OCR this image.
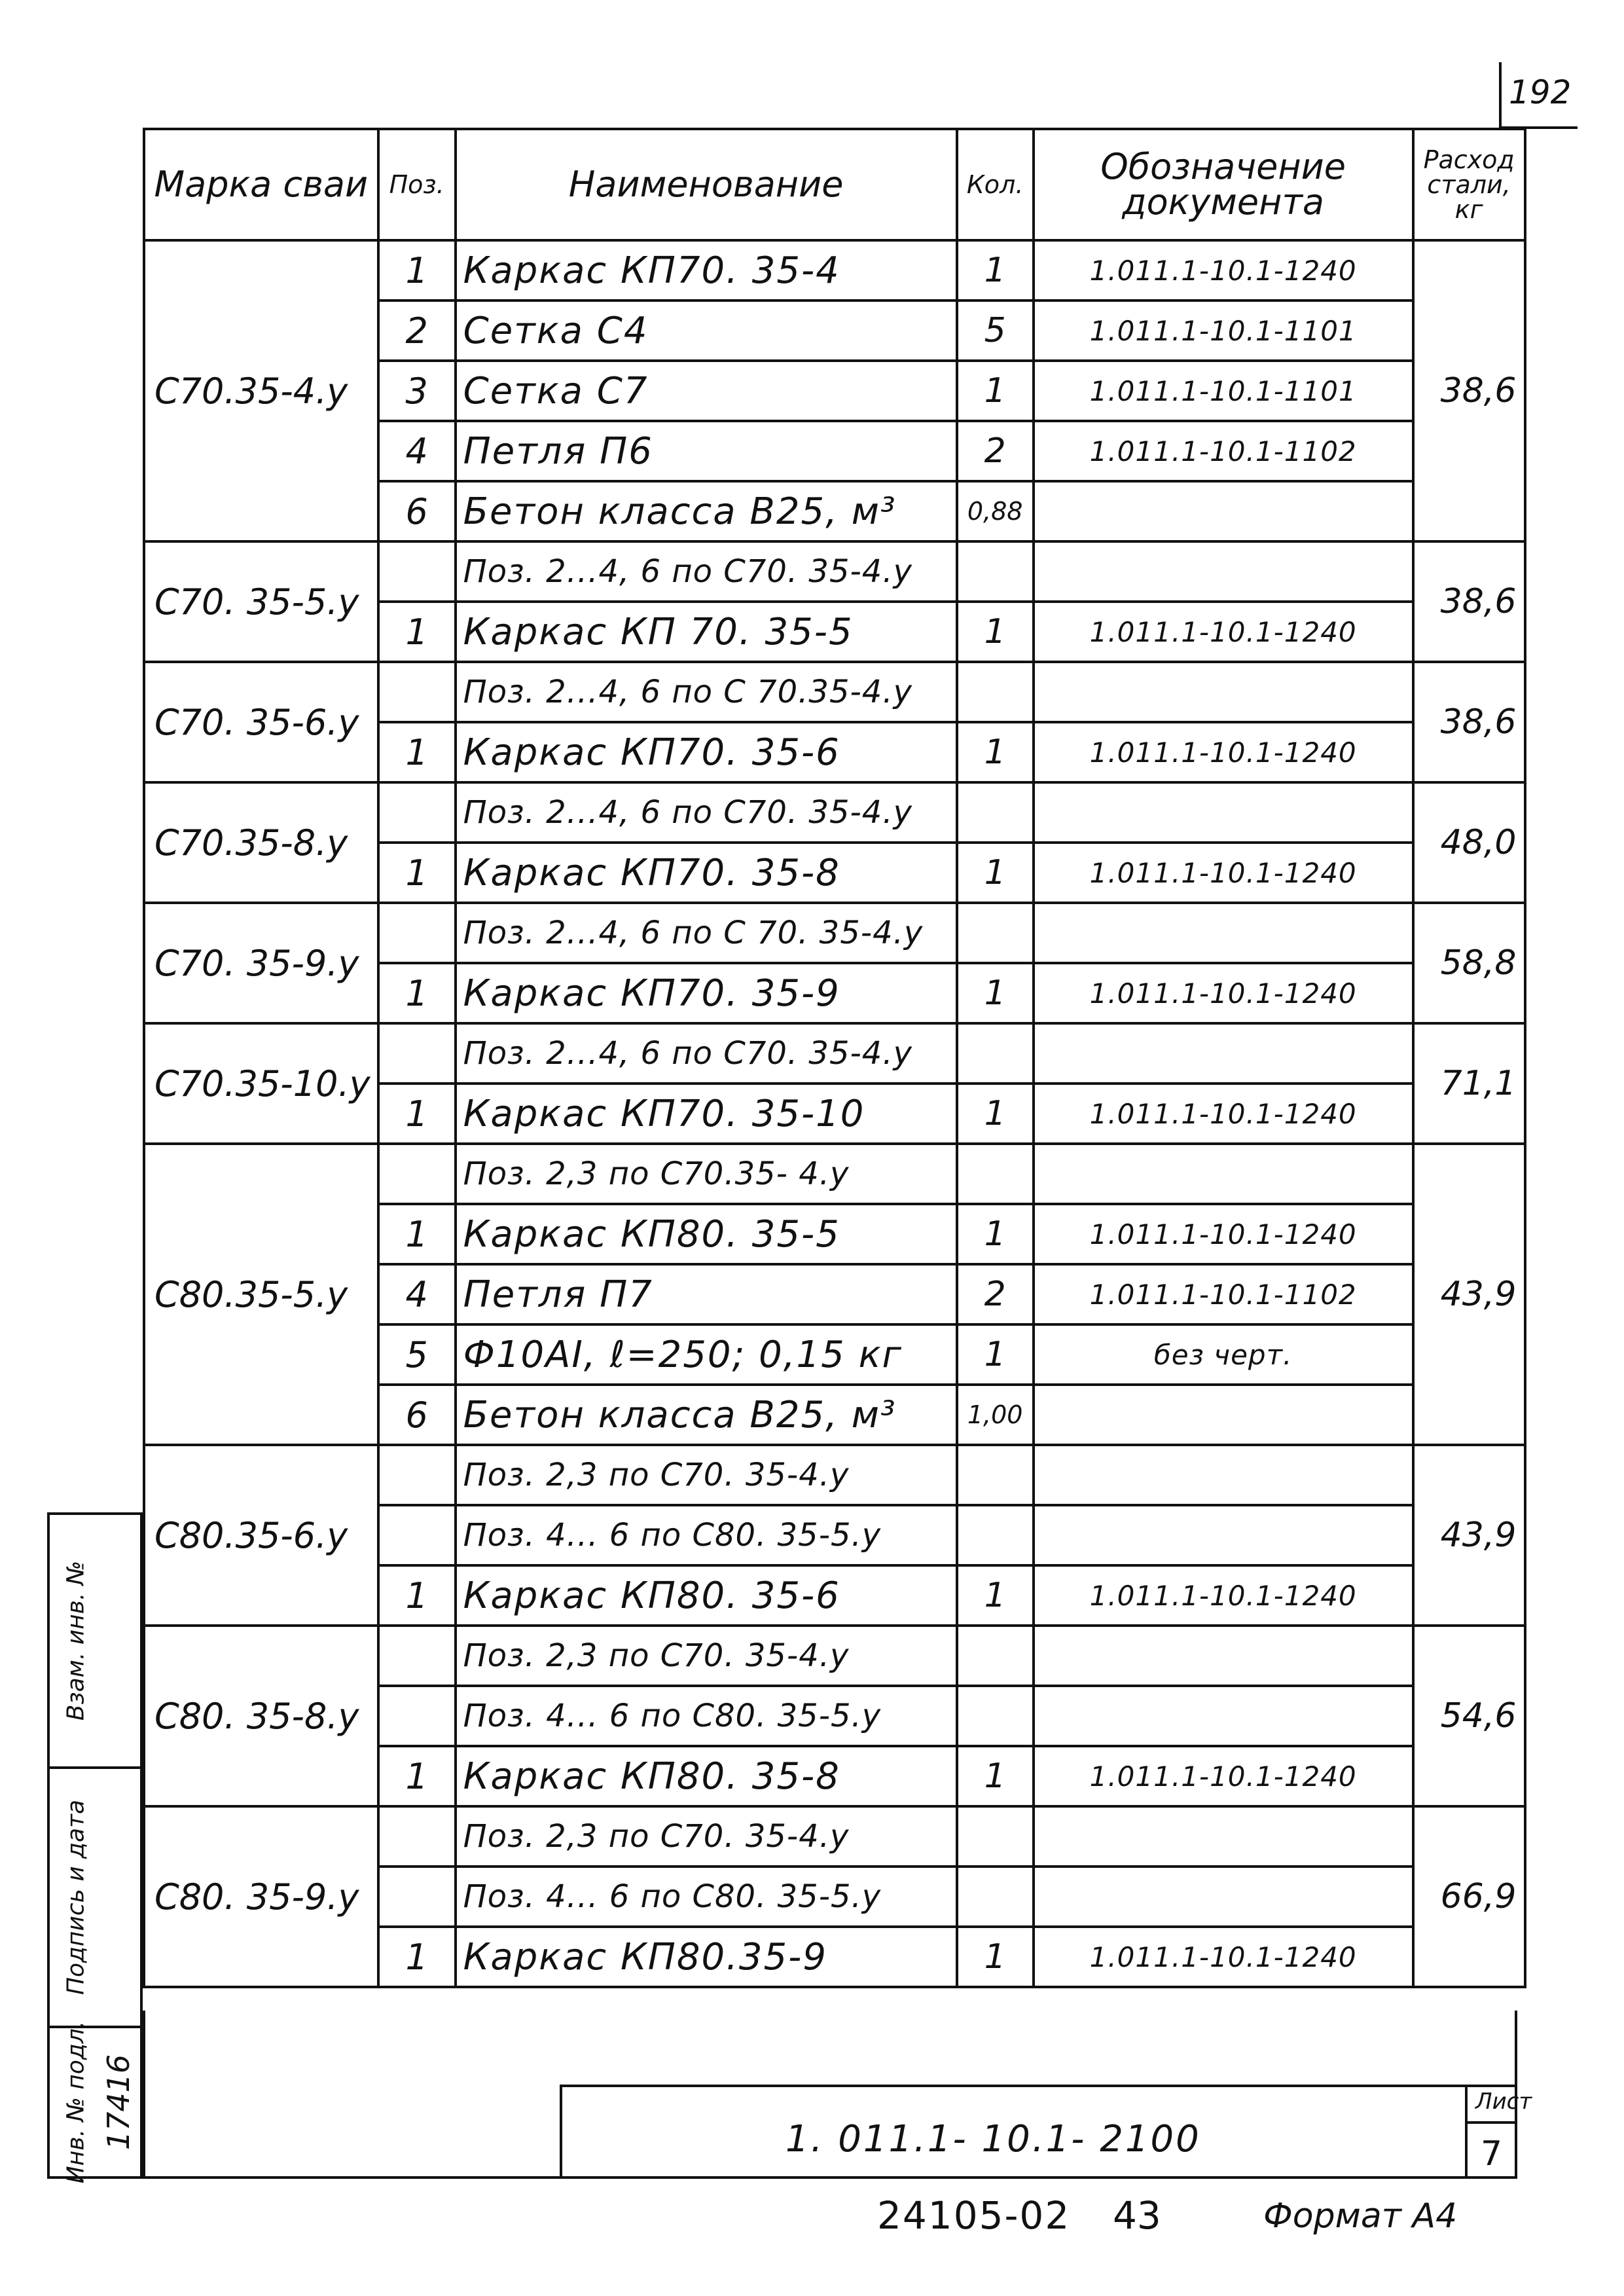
192
Марка сваи	Поз.	Наименование	Кол.	Обозначение документа	Расход стали, кг
С70.35-4.у	1	Каркас КП70. 35-4	1	1.011.1-10.1-1240	38,6
	2	Сетка С4	5	1.011.1-10.1-1101	
	3	Сетка С7	1	1.011.1-10.1-1101	
	4	Петля П6	2	1.011.1-10.1-1102	
	6	Бетон класса В25, м³	0,88		
С70. 35-5.у		Поз. 2...4, 6 по С70. 35-4.у			38,6
	1	Каркас КП 70. 35-5	1	1.011.1-10.1-1240	
С70. 35-6.у		Поз. 2...4, 6 по С 70.35-4.у			38,6
	1	Каркас КП70. 35-6	1	1.011.1-10.1-1240	
С70.35-8.у		Поз. 2...4, 6 по С70. 35-4.у			48,0
	1	Каркас КП70. 35-8	1	1.011.1-10.1-1240	
С70. 35-9.у		Поз. 2...4, 6 по С 70. 35-4.у			58,8
	1	Каркас КП70. 35-9	1	1.011.1-10.1-1240	
С70.35-10.у		Поз. 2...4, 6 по С70. 35-4.у			71,1
	1	Каркас КП70. 35-10	1	1.011.1-10.1-1240	
С80.35-5.у		Поз. 2,3 по С70.35- 4.у			43,9
	1	Каркас КП80. 35-5	1	1.011.1-10.1-1240	
	4	Петля П7	2	1.011.1-10.1-1102	
	5	Ф10АI, ℓ=250; 0,15 кг	1	без черт.	
	6	Бетон класса В25, м³	1,00		
С80.35-6.у		Поз. 2,3 по С70. 35-4.у			43,9
		Поз. 4... 6 по С80. 35-5.у			
	1	Каркас КП80. 35-6	1	1.011.1-10.1-1240	
С80. 35-8.у		Поз. 2,3 по С70. 35-4.у			54,6
		Поз. 4... 6 по С80. 35-5.у			
	1	Каркас КП80. 35-8	1	1.011.1-10.1-1240	
С80. 35-9.у		Поз. 2,3 по С70. 35-4.у			66,9
		Поз. 4... 6 по С80. 35-5.у			
	1	Каркас КП80.35-9	1	1.011.1-10.1-1240	
Взам. инв. №
Подпись и дата
Инв. № подл. 17416	1. 011.1- 10.1- 2100
Лист
7
24105-02 43	Формат А4
